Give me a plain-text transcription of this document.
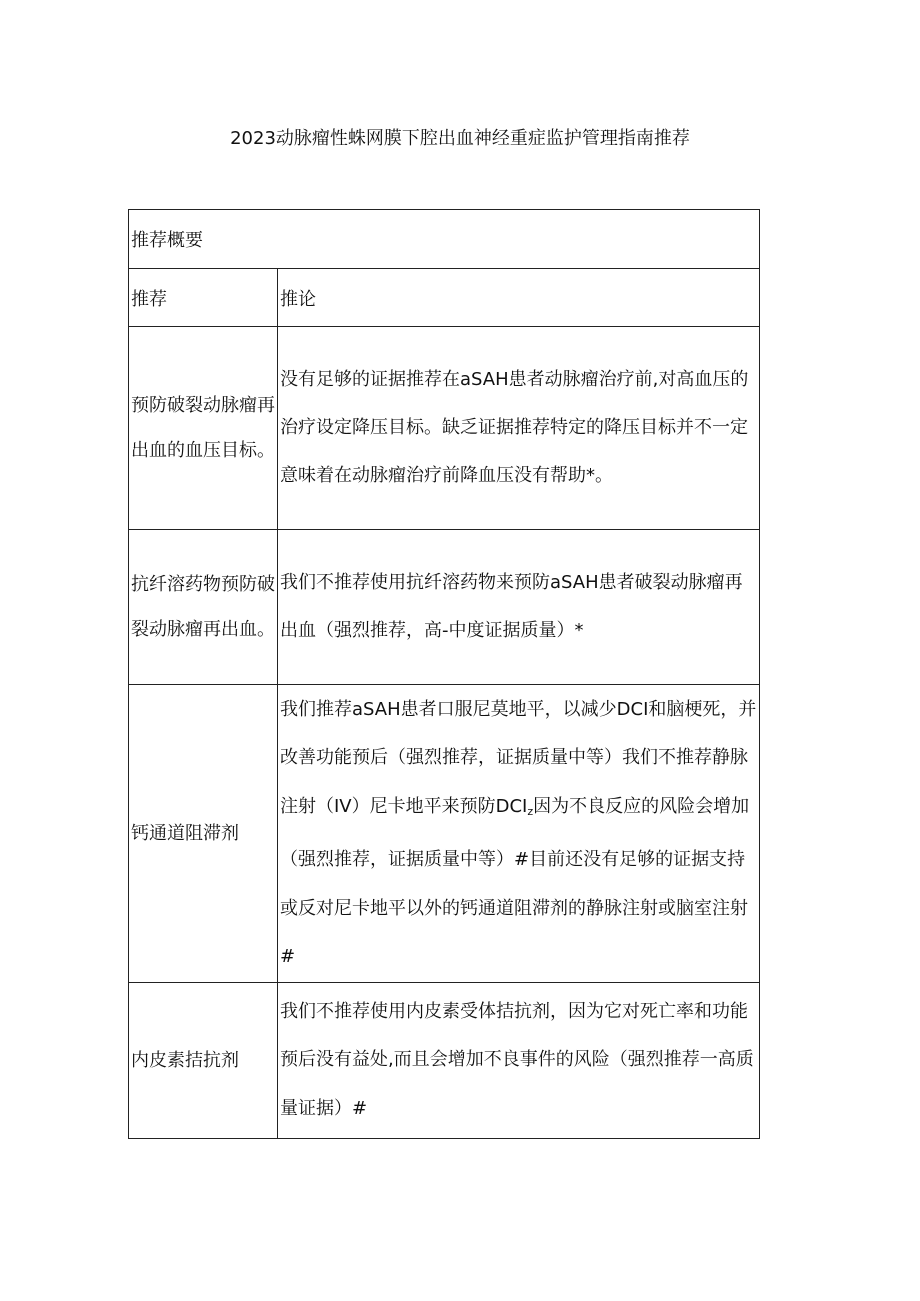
2023动脉瘤性蛛网膜下腔出血神经重症监护管理指南推荐
推荐概要	
推荐	推论

预防破裂动脉瘤再出血的血压目标。	没有足够的证据推荐在aSAH患者动脉瘤治疗前,对高血压的治疗设定降压目标。缺乏证据推荐特定的降压目标并不一定意味着在动脉瘤治疗前降血压没有帮助*。

抗纤溶药物预防破裂动脉瘤再出血。	我们不推荐使用抗纤溶药物来预防aSAH患者破裂动脉瘤再出血（强烈推荐，高-中度证据质量）*

钙通道阻滞剂	我们推荐aSAH患者口服尼莫地平，以减少DCI和脑梗死，并改善功能预后（强烈推荐，证据质量中等）我们不推荐静脉注射（IV）尼卡地平来预防DCIz因为不良反应的风险会增加（强烈推荐，证据质量中等）#目前还没有足够的证据支持或反对尼卡地平以外的钙通道阻滞剂的静脉注射或脑室注射#

内皮素拮抗剂	我们不推荐使用内皮素受体拮抗剂，因为它对死亡率和功能预后没有益处,而且会增加不良事件的风险（强烈推荐一高质量证据）#
